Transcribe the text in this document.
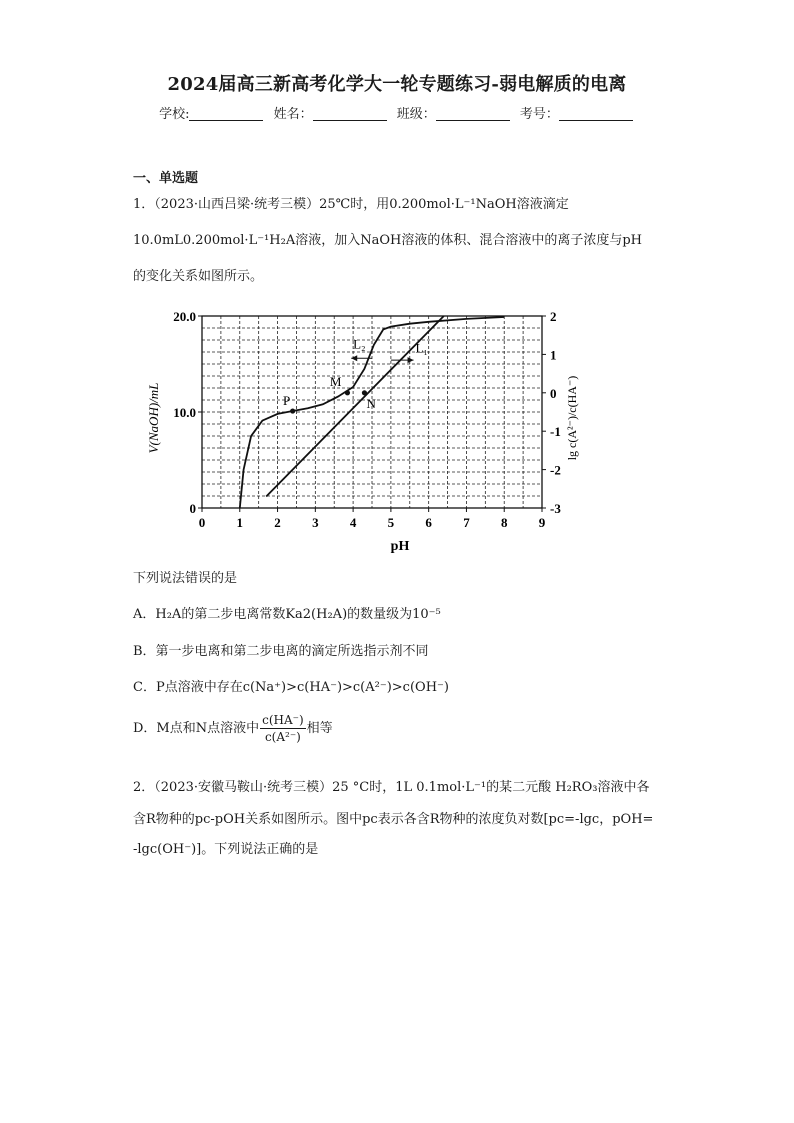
2024届高三新高考化学大一轮专题练习-弱电解质的电离
学校:	姓名：	班级：	考号：
一、单选题
1．（2023·山西吕梁·统考三模）25℃时，用0.200mol·L⁻¹NaOH溶液滴定
10.0mL0.200mol·L⁻¹H₂A溶液，加入NaOH溶液的体积、混合溶液中的离子浓度与pH
的变化关系如图所示。
0 1 2 3 4 5 6 7 8 9
0
10.0
20.0
-3
-2
-1
0
1
2
L₂	L₁
P
M
N
pH
V(NaOH)/mL	lg c(A²⁻)/c(HA⁻)
下列说法错误的是
A．H₂A的第二步电离常数Ka2(H₂A)的数量级为10⁻⁵
B．第一步电离和第二步电离的滴定所选指示剂不同
C．P点溶液中存在c(Na⁺)>c(HA⁻)>c(A²⁻)>c(OH⁻)
D．M点和N点溶液中 $\frac{c(HA^-)}{\text{c(A²⁻)}}$ 相等
2．（2023·安徽马鞍山·统考三模）25 °C时，1L 0.1mol·L⁻¹的某二元酸 H₂RO₃溶液中各
含R物种的pc-pOH关系如图所示。图中pc表示各含R物种的浓度负对数[pc=-lgc，pOH=
-lgc(OH⁻)]。下列说法正确的是
